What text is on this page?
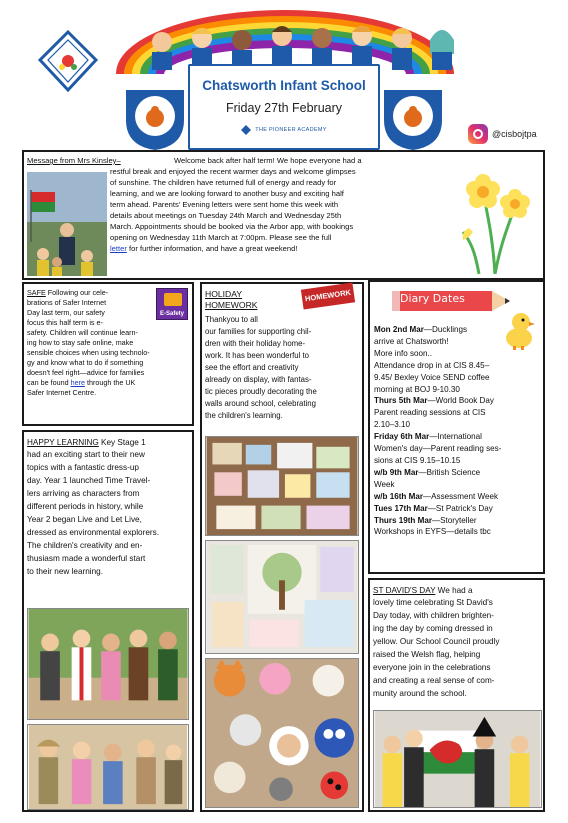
Chatsworth Infant School
Friday 27th February
THE PIONEER ACADEMY	@cisbojtpa
Message from Mrs Kinsley–	Welcome back after half term! We hope everyone had a
restful break and enjoyed the recent warmer days and welcome glimpses
of sunshine. The children have returned full of energy and ready for
learning, and we are looking forward to another busy and exciting half
term ahead. Parents' Evening letters were sent home this week with
details about meetings on Tuesday 24th March and Wednesday 25th
March. Appointments should be booked via the Arbor app, with bookings
opening on Wednesday 11th March at 7:00pm. Please see the full
letter for further information, and have a great weekend!
SAFE Following our cele-
brations of Safer Internet
Day last term, our safety
focus this half term is e-
safety. Children will continue learn-
ing how to stay safe online, make
sensible choices when using technolo-
gy and know what to do if something
doesn't feel right—advice for families
can be found here through the UK
Safer Internet Centre.
E-Safety
HAPPY LEARNING Key Stage 1
had an exciting start to their new
topics with a fantastic dress-up
day. Year 1 launched Time Travel-
lers arriving as characters from
different periods in history, while
Year 2 began Live and Let Live,
dressed as environmental explorers.
The children's creativity and en-
thusiasm made a wonderful start
to their new learning.
HOLIDAY
HOMEWORK
HOMEWORK
Thankyou to all
our families for supporting chil-
dren with their holiday home-
work. It has been wonderful to
see the effort and creativity
already on display, with fantas-
tic pieces proudly decorating the
walls around school, celebrating
the children's learning.
Diary Dates
Mon 2nd Mar—Ducklings
arrive at Chatsworth!
More info soon..
Attendance drop in at CIS 8.45–
9.45/ Bexley Voice SEND coffee
morning at BOJ 9-10.30
Thurs 5th Mar—World Book Day
Parent reading sessions at CIS
2.10–3.10
Friday 6th Mar—International
Women's day—Parent reading ses-
sions at CIS 9.15–10.15
w/b 9th Mar—British Science
Week
w/b 16th Mar—Assessment Week
Tues 17th Mar—St Patrick's Day
Thurs 19th Mar—Storyteller
Workshops in EYFS—details tbc
ST DAVID'S DAY We had a
lovely time celebrating St David's
Day today, with children brighten-
ing the day by coming dressed in
yellow. Our School Council proudly
raised the Welsh flag, helping
everyone join in the celebrations
and creating a real sense of com-
munity around the school.
